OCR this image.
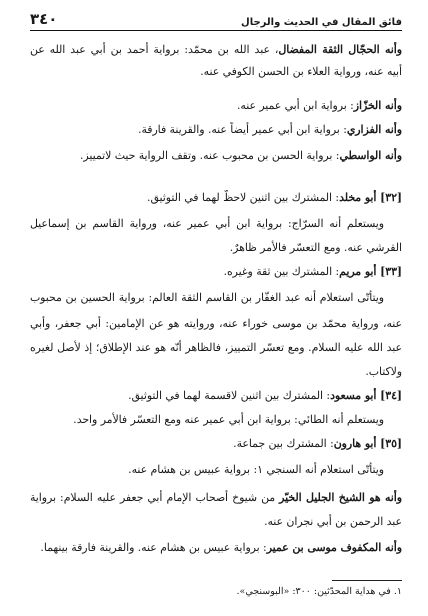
فائق المقال في الحديث والرجال
٣٤٠
وأنه الحجّال الثقة المفضال، عبد الله بن محمّد: برواية أحمد بن أبي عبد الله عن
أبيه عنه، ورواية العلاء بن الحسن الكوفي عنه.
وأنه الخزّاز: برواية ابن أبي عمير عنه.
وأنه الفزاري: برواية ابن أبي عمير أيضاً عنه. والقرينة فارقة.
وأنه الواسطي: برواية الحسن بن محبوب عنه. وتقف الرواية حيث لاتمييز.
[٣٢] أبو مخلد: المشترك بين اثنين لاحظّ لهما في التوثيق.
ويستعلم أنه السرّاج: برواية ابن أبي عمير عنه، ورواية القاسم بن إسماعيل
القرشي عنه. ومع التعسّر فالأمر ظاهرٌ.
[٣٣] أبو مريم: المشترك بين ثقة وغيره.
ويتأتّى استعلام أنه عبد الغفّار بن القاسم الثقة العالم: برواية الحسين بن محبوب
عنه، ورواية محمّد بن موسى خوراء عنه، وروايته هو عن الإمامين: أبي جعفر، وأبي
عبد الله عليه السلام. ومع تعسّر التمييز، فالظاهر أنّه هو عند الإطلاق؛ إذ لأصل لغيره
ولاكتاب.
[٣٤] أبو مسعود: المشترك بين اثنين لاقسمة لهما في التوثيق.
ويستعلم أنه الطائي: برواية ابن أبي عمير عنه ومع التعسّر فالأمر واحد.
[٣٥] أبو هارون: المشترك بين جماعة.
ويتأتّى استعلام أنه السنجي ١: برواية عبيس بن هشام عنه.
وأنه هو الشيخ الجليل الخيّر من شيوخ أصحاب الإمام أبي جعفر عليه السلام: برواية
عبد الرحمن بن أبي نجران عنه.
وأنه المكفوف موسى بن عمير: برواية عبيس بن هشام عنه. والقرينة فارقة بينهما.
١. في هداية المحدّثين: ٣٠٠: «البوسنجي».
